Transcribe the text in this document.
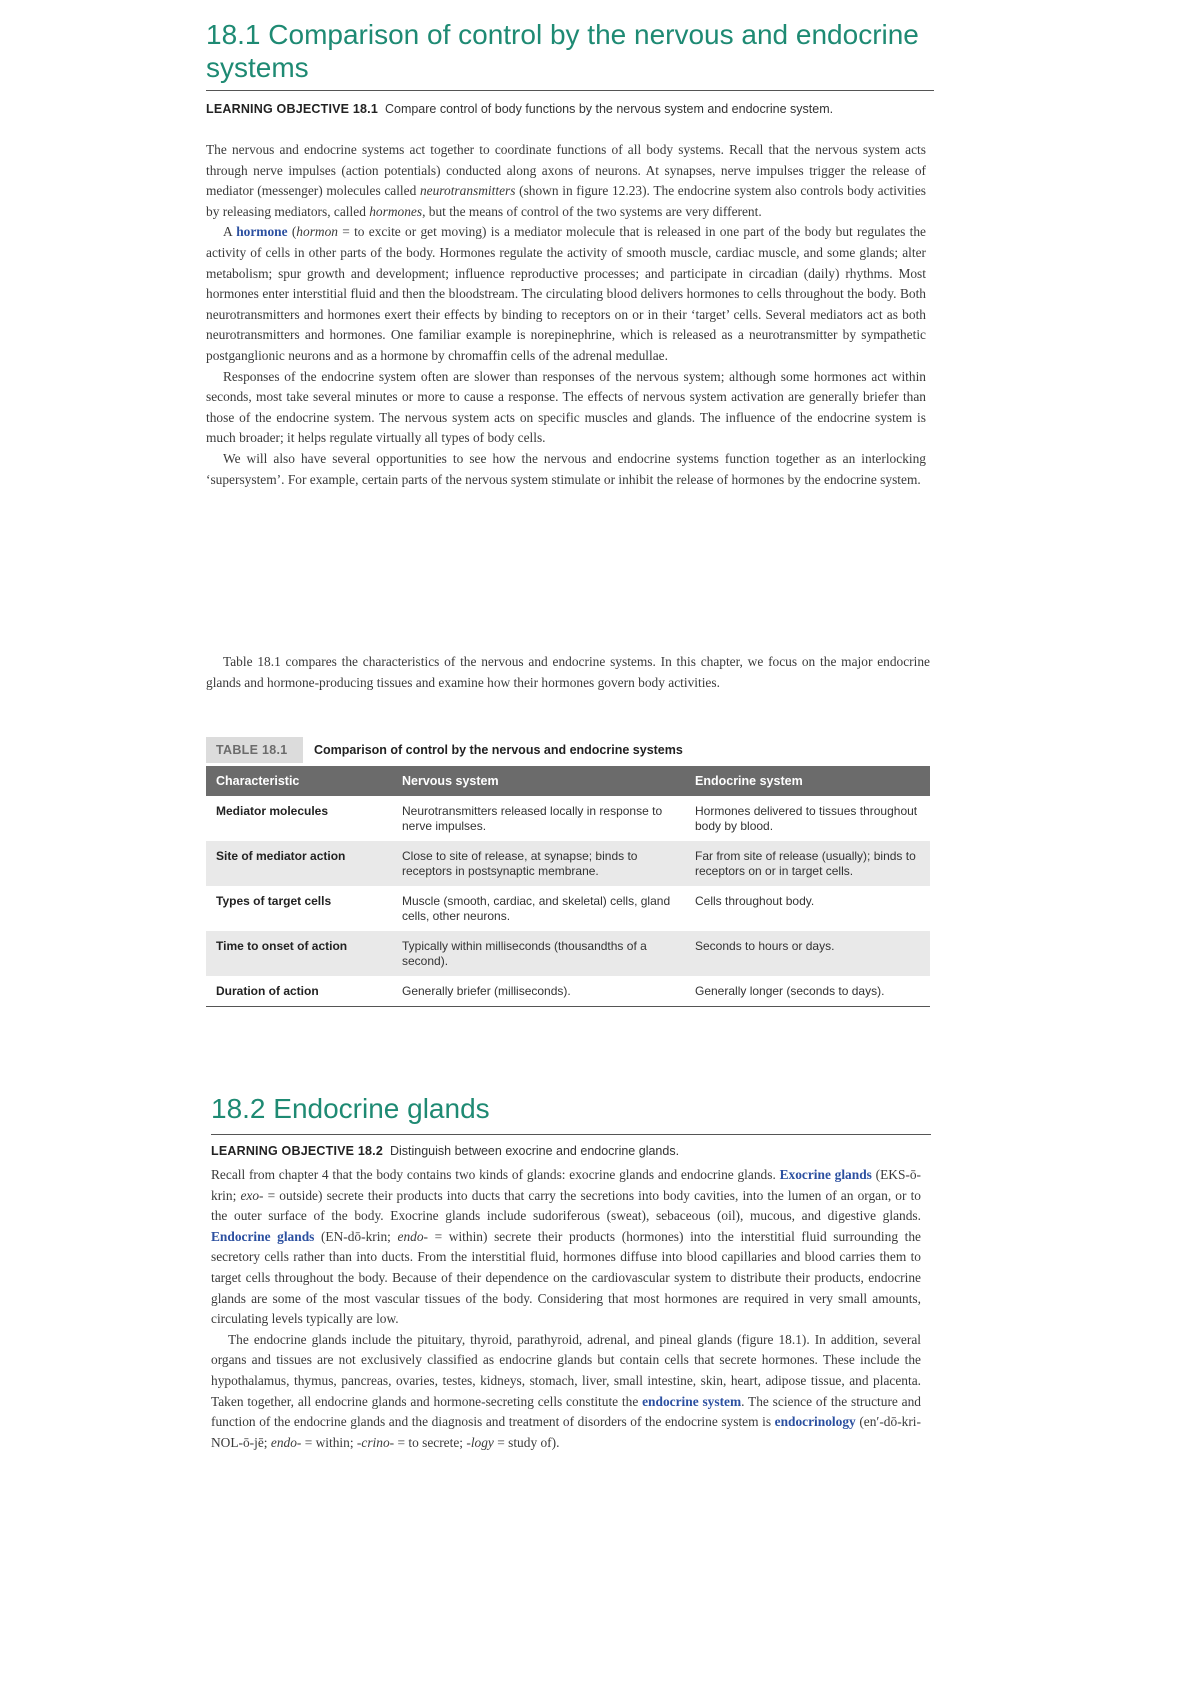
18.1 Comparison of control by the nervous and endocrine systems
LEARNING OBJECTIVE 18.1 Compare control of body functions by the nervous system and endocrine system.

The nervous and endocrine systems act together to coordinate functions of all body systems. Recall that the nervous system acts through nerve impulses (action potentials) conducted along axons of neurons. At synapses, nerve impulses trigger the release of mediator (messenger) molecules called neurotransmitters (shown in figure 12.23). The endocrine system also controls body activities by releasing mediators, called hormones, but the means of control of the two systems are very different.

A hormone (hormon = to excite or get moving) is a mediator molecule that is released in one part of the body but regulates the activity of cells in other parts of the body. Hormones regulate the activity of smooth muscle, cardiac muscle, and some glands; alter metabolism; spur growth and development; influence reproductive processes; and participate in circadian (daily) rhythms. Most hormones enter interstitial fluid and then the bloodstream. The circulating blood delivers hormones to cells throughout the body. Both neurotransmitters and hormones exert their effects by binding to receptors on or in their ‘target’ cells. Several mediators act as both neurotransmitters and hormones. One familiar example is norepinephrine, which is released as a neurotransmitter by sympathetic postganglionic neurons and as a hormone by chromaffin cells of the adrenal medullae.

Responses of the endocrine system often are slower than responses of the nervous system; although some hormones act within seconds, most take several minutes or more to cause a response. The effects of nervous system activation are generally briefer than those of the endocrine system. The nervous system acts on specific muscles and glands. The influence of the endocrine system is much broader; it helps regulate virtually all types of body cells.

We will also have several opportunities to see how the nervous and endocrine systems function together as an interlocking ‘supersystem’. For example, certain parts of the nervous system stimulate or inhibit the release of hormones by the endocrine system.

Table 18.1 compares the characteristics of the nervous and endocrine systems. In this chapter, we focus on the major endocrine glands and hormone-producing tissues and examine how their hormones govern body activities.

TABLE 18.1	Comparison of control by the nervous and endocrine systems
Characteristic	Nervous system	Endocrine system
Mediator molecules	Neurotransmitters released locally in response to nerve impulses.	Hormones delivered to tissues throughout body by blood.
Site of mediator action	Close to site of release, at synapse; binds to receptors in postsynaptic membrane.	Far from site of release (usually); binds to receptors on or in target cells.
Types of target cells	Muscle (smooth, cardiac, and skeletal) cells, gland cells, other neurons.	Cells throughout body.
Time to onset of action	Typically within milliseconds (thousandths of a second).	Seconds to hours or days.
Duration of action	Generally briefer (milliseconds).	Generally longer (seconds to days).
18.2 Endocrine glands
LEARNING OBJECTIVE 18.2 Distinguish between exocrine and endocrine glands.

Recall from chapter 4 that the body contains two kinds of glands: exocrine glands and endocrine glands. Exocrine glands (EKS-ō-krin; exo- = outside) secrete their products into ducts that carry the secretions into body cavities, into the lumen of an organ, or to the outer surface of the body. Exocrine glands include sudoriferous (sweat), sebaceous (oil), mucous, and digestive glands. Endocrine glands (EN-dō-krin; endo- = within) secrete their products (hormones) into the interstitial fluid surrounding the secretory cells rather than into ducts. From the interstitial fluid, hormones diffuse into blood capillaries and blood carries them to target cells throughout the body. Because of their dependence on the cardiovascular system to distribute their products, endocrine glands are some of the most vascular tissues of the body. Considering that most hormones are required in very small amounts, circulating levels typically are low.

The endocrine glands include the pituitary, thyroid, parathyroid, adrenal, and pineal glands (figure 18.1). In addition, several organs and tissues are not exclusively classified as endocrine glands but contain cells that secrete hormones. These include the hypothalamus, thymus, pancreas, ovaries, testes, kidneys, stomach, liver, small intestine, skin, heart, adipose tissue, and placenta. Taken together, all endocrine glands and hormone-secreting cells constitute the endocrine system. The science of the structure and function of the endocrine glands and the diagnosis and treatment of disorders of the endocrine system is endocrinology (en′-dō-kri-NOL-ō-jē; endo- = within; -crino- = to secrete; -logy = study of).
